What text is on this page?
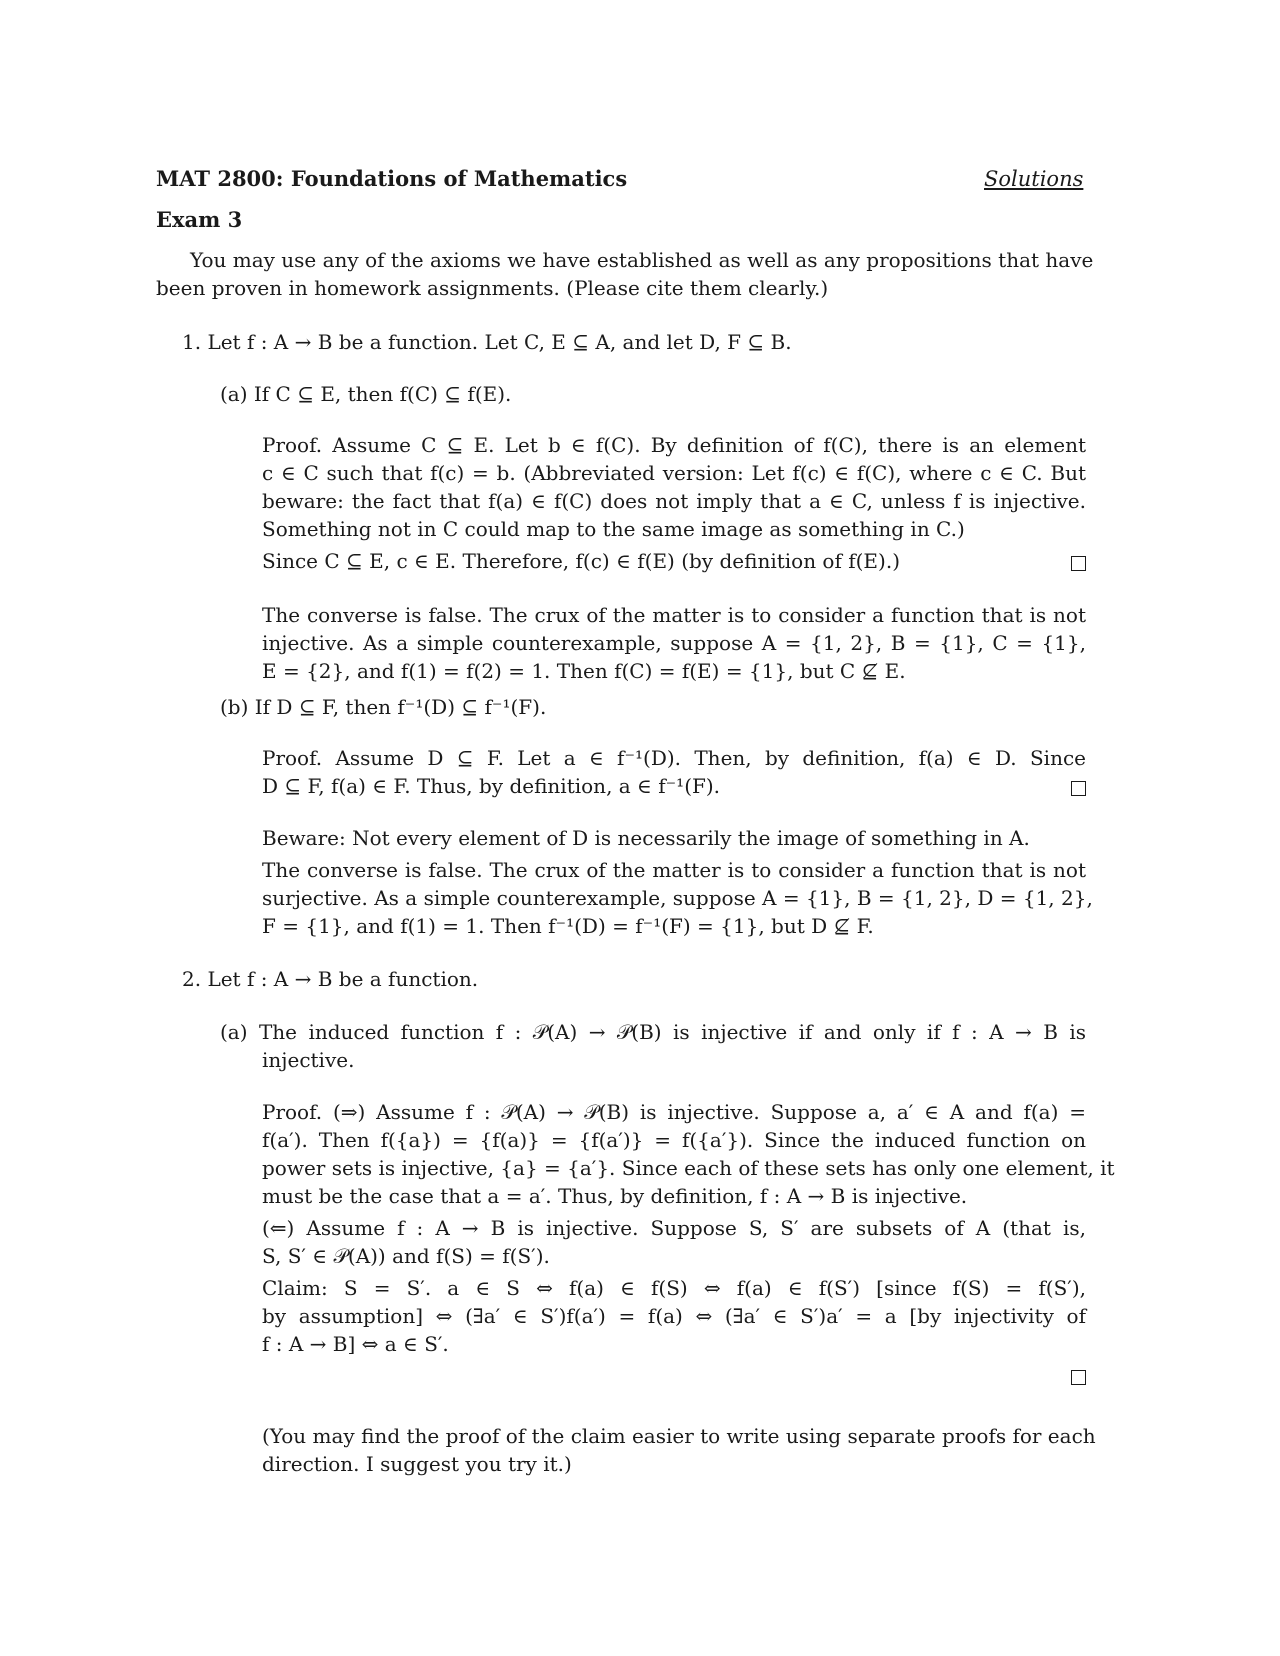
MAT 2800: Foundations of Mathematics	Solutions
Exam 3
You may use any of the axioms we have established as well as any propositions that have
been proven in homework assignments. (Please cite them clearly.)
1. Let f : A → B be a function. Let C, E ⊆ A, and let D, F ⊆ B.
(a) If C ⊆ E, then f(C) ⊆ f(E).
Proof. Assume C ⊆ E. Let b ∈ f(C). By definition of f(C), there is an element
c ∈ C such that f(c) = b. (Abbreviated version: Let f(c) ∈ f(C), where c ∈ C. But
beware: the fact that f(a) ∈ f(C) does not imply that a ∈ C, unless f is injective.
Something not in C could map to the same image as something in C.)
Since C ⊆ E, c ∈ E. Therefore, f(c) ∈ f(E) (by definition of f(E).)
The converse is false. The crux of the matter is to consider a function that is not
injective. As a simple counterexample, suppose A = {1, 2}, B = {1}, C = {1},
E = {2}, and f(1) = f(2) = 1. Then f(C) = f(E) = {1}, but C ⊈ E.
(b) If D ⊆ F, then f⁻¹(D) ⊆ f⁻¹(F).
Proof. Assume D ⊆ F. Let a ∈ f⁻¹(D). Then, by definition, f(a) ∈ D. Since
D ⊆ F, f(a) ∈ F. Thus, by definition, a ∈ f⁻¹(F).
Beware: Not every element of D is necessarily the image of something in A.
The converse is false. The crux of the matter is to consider a function that is not
surjective. As a simple counterexample, suppose A = {1}, B = {1, 2}, D = {1, 2},
F = {1}, and f(1) = 1. Then f⁻¹(D) = f⁻¹(F) = {1}, but D ⊈ F.
2. Let f : A → B be a function.
(a) The induced function f : 𝒫(A) → 𝒫(B) is injective if and only if f : A → B is
injective.
Proof. (⇒) Assume f : 𝒫(A) → 𝒫(B) is injective. Suppose a, a′ ∈ A and f(a) =
f(a′). Then f({a}) = {f(a)} = {f(a′)} = f({a′}). Since the induced function on
power sets is injective, {a} = {a′}. Since each of these sets has only one element, it
must be the case that a = a′. Thus, by definition, f : A → B is injective.
(⇐) Assume f : A → B is injective. Suppose S, S′ are subsets of A (that is,
S, S′ ∈ 𝒫(A)) and f(S) = f(S′).
Claim: S = S′. a ∈ S ⇔ f(a) ∈ f(S) ⇔ f(a) ∈ f(S′) [since f(S) = f(S′),
by assumption] ⇔ (∃a′ ∈ S′)f(a′) = f(a) ⇔ (∃a′ ∈ S′)a′ = a [by injectivity of
f : A → B] ⇔ a ∈ S′.
(You may find the proof of the claim easier to write using separate proofs for each
direction. I suggest you try it.)
